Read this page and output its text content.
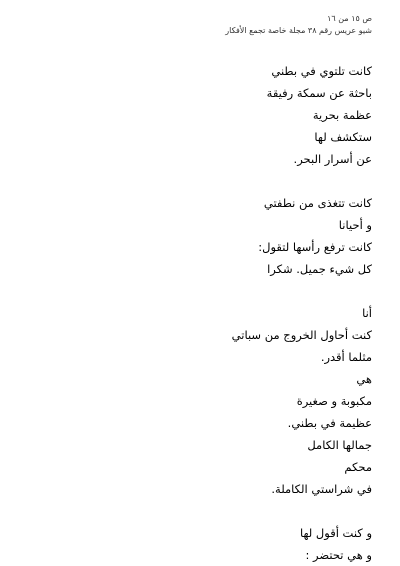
ص ١٥ من ١٦
شيو عريس رقم ٣٨ مجلة خاصة تجمع الأفكار
كانت تلتوي في بطني
باحثة عن سمكة رفيقة
عظمة بحرية
ستكشف لها
عن أسرار البحر.
كانت تتغذى من نطفتي
و أحيانا
كانت ترفع رأسها لتقول:
كل شيء جميل. شكرا
أنا
كنت أحاول الخروج من سباتي
مثلما أقدر.
هي
مكبوبة و صغيرة
عظيمة في بطني.
جمالها الكامل
محكم
في شراستي الكاملة.
و كنت أقول لها
و هي تحتضر :
